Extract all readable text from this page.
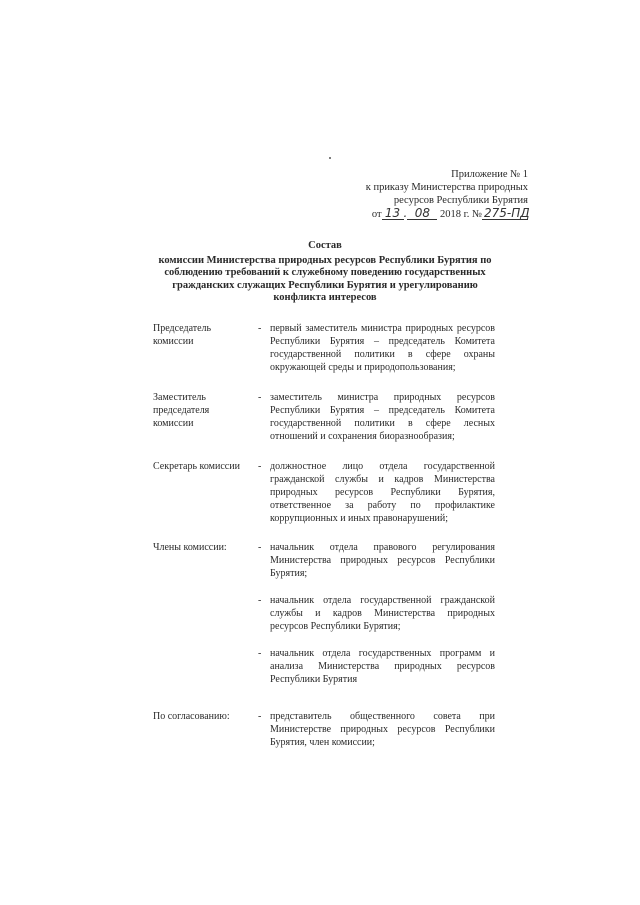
Приложение № 1
к приказу Министерства природных
ресурсов Республики Бурятия
от 13 . 08 2018 г. № 275-ПД
Состав
комиссии Министерства природных ресурсов Республики Бурятия по
соблюдению требований к служебному поведению государственных
гражданских служащих Республики Бурятия и урегулированию
конфликта интересов
Председатель
комиссии
- первый заместитель министра природных ресурсов Республики Бурятия – председатель Комитета государственной политики в сфере охраны окружающей среды и природопользования;
Заместитель
председателя
комиссии
- заместитель министра природных ресурсов Республики Бурятия – председатель Комитета государственной политики в сфере лесных отношений и сохранения биоразнообразия;
Секретарь комиссии	- должностное лицо отдела государственной гражданской службы и кадров Министерства природных ресурсов Республики Бурятия, ответственное за работу по профилактике коррупционных и иных правонарушений;
Члены комиссии:	- начальник отдела правового регулирования Министерства природных ресурсов Республики Бурятия;
- начальник отдела государственной гражданской службы и кадров Министерства природных ресурсов Республики Бурятия;
- начальник отдела государственных программ и анализа Министерства природных ресурсов Республики Бурятия
По согласованию:	- представитель общественного совета при Министерстве природных ресурсов Республики Бурятия, член комиссии;
